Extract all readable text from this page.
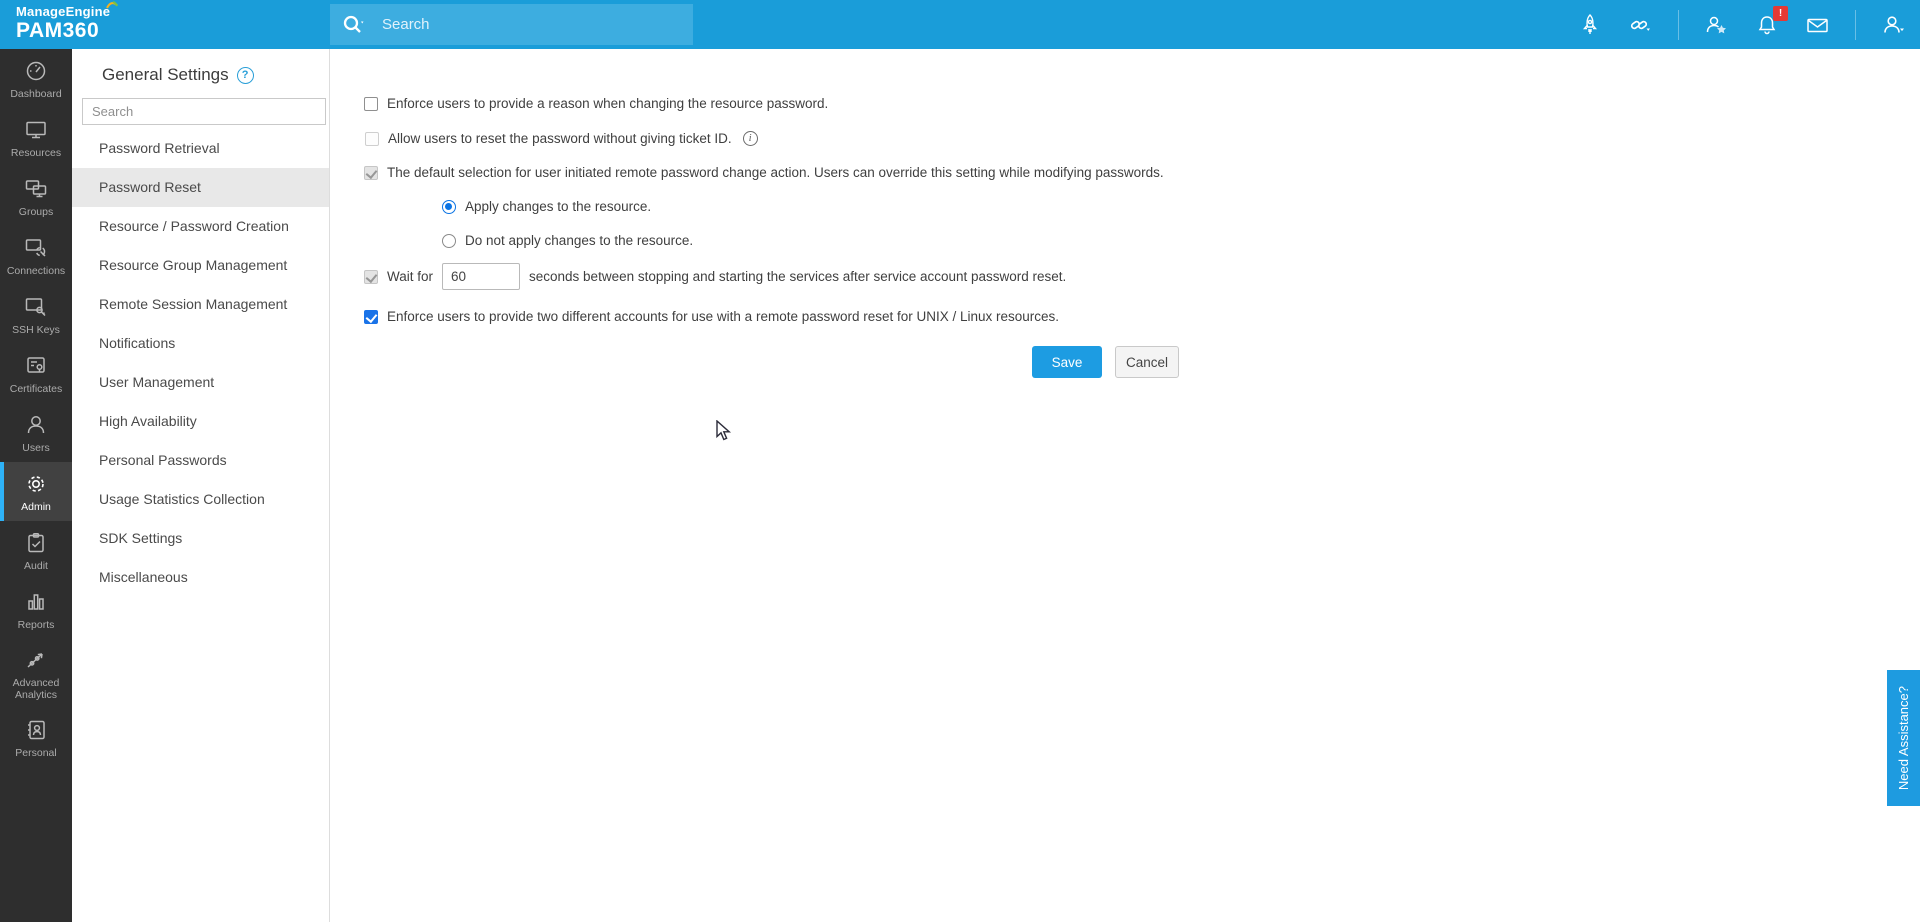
ManageEngine
PAM360
Search
!
Dashboard
Resources
Groups
Connections
SSH Keys
Certificates
Users
Admin
Audit
Reports
Advanced Analytics
Personal
General Settings	?
Search
Password Retrieval
Password Reset
Resource / Password Creation
Resource Group Management
Remote Session Management
Notifications
User Management
High Availability
Personal Passwords
Usage Statistics Collection
SDK Settings
Miscellaneous
Enforce users to provide a reason when changing the resource password.
Allow users to reset the password without giving ticket ID.	i
The default selection for user initiated remote password change action. Users can override this setting while modifying passwords.
Apply changes to the resource.
Do not apply changes to the resource.
Wait for
60	seconds between stopping and starting the services after service account password reset.
Enforce users to provide two different accounts for use with a remote password reset for UNIX / Linux resources.
Save	Cancel
Need Assistance?
